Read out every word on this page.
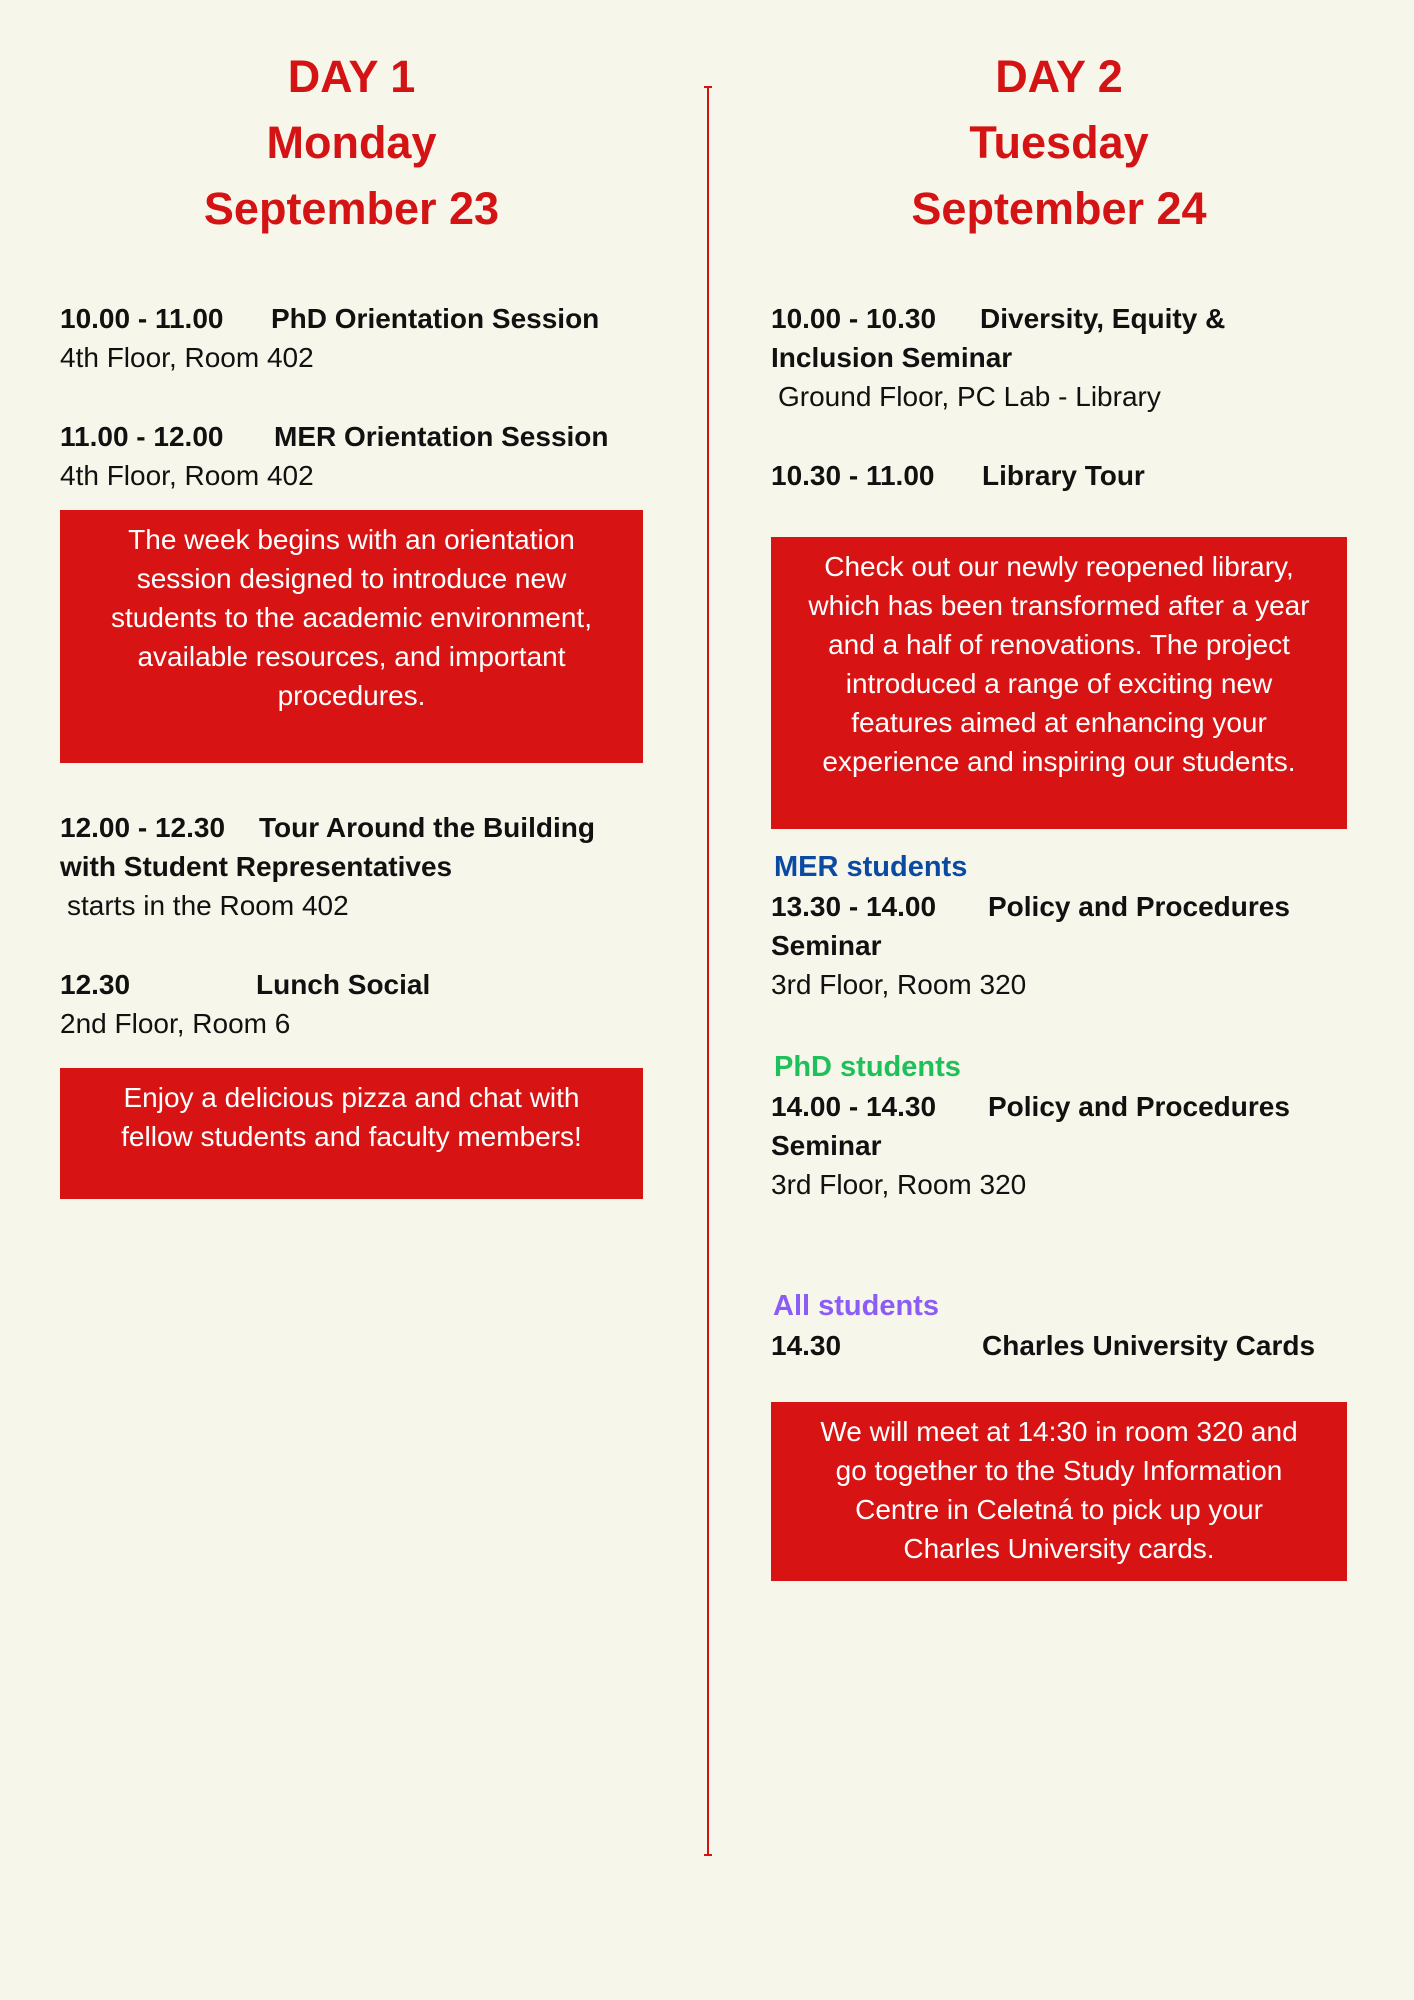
DAY 1
Monday
September 23
10.00 - 11.00 PhD Orientation Session
4th Floor, Room 402
11.00 - 12.00 MER Orientation Session
4th Floor, Room 402
The week begins with an orientation
session designed to introduce new
students to the academic environment,
available resources, and important
procedures.
12.00 - 12.30 Tour Around the Building
with Student Representatives
starts in the Room 402
12.30	Lunch Social
2nd Floor, Room 6
Enjoy a delicious pizza and chat with
fellow students and faculty members!
DAY 2
Tuesday
September 24
10.00 - 10.30 Diversity, Equity &
Inclusion Seminar
Ground Floor, PC Lab - Library
10.30 - 11.00 Library Tour
Check out our newly reopened library,
which has been transformed after a year
and a half of renovations. The project
introduced a range of exciting new
features aimed at enhancing your
experience and inspiring our students.
MER students
13.30 - 14.00 Policy and Procedures
Seminar
3rd Floor, Room 320
PhD students
14.00 - 14.30 Policy and Procedures
Seminar
3rd Floor, Room 320
All students
14.30	Charles University Cards
We will meet at 14:30 in room 320 and
go together to the Study Information
Centre in Celetná to pick up your
Charles University cards.
